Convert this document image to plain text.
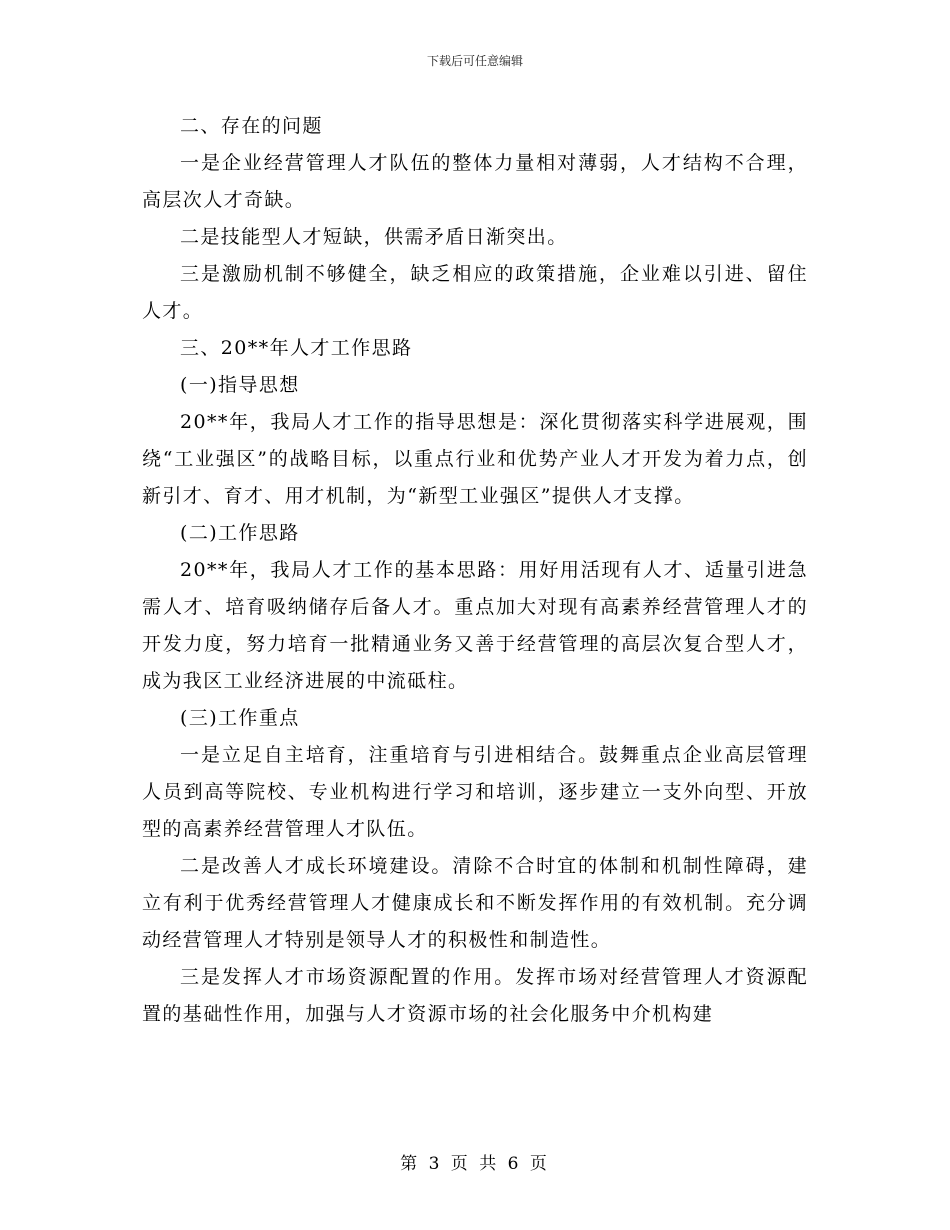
下载后可任意编辑

二、存在的问题

一是企业经营管理人才队伍的整体力量相对薄弱，人才结构不合理，高层次人才奇缺。

二是技能型人才短缺，供需矛盾日渐突出。

三是激励机制不够健全，缺乏相应的政策措施，企业难以引进、留住人才。

三、20**年人才工作思路

(一)指导思想

20**年，我局人才工作的指导思想是：深化贯彻落实科学进展观，围绕“工业强区”的战略目标，以重点行业和优势产业人才开发为着力点，创新引才、育才、用才机制，为“新型工业强区”提供人才支撑。

(二)工作思路

20**年，我局人才工作的基本思路：用好用活现有人才、适量引进急需人才、培育吸纳储存后备人才。重点加大对现有高素养经营管理人才的开发力度，努力培育一批精通业务又善于经营管理的高层次复合型人才，成为我区工业经济进展的中流砥柱。

(三)工作重点

一是立足自主培育，注重培育与引进相结合。鼓舞重点企业高层管理人员到高等院校、专业机构进行学习和培训，逐步建立一支外向型、开放型的高素养经营管理人才队伍。

二是改善人才成长环境建设。清除不合时宜的体制和机制性障碍，建立有利于优秀经营管理人才健康成长和不断发挥作用的有效机制。充分调动经营管理人才特别是领导人才的积极性和制造性。

三是发挥人才市场资源配置的作用。发挥市场对经营管理人才资源配置的基础性作用，加强与人才资源市场的社会化服务中介机构建

第 3 页 共 6 页
